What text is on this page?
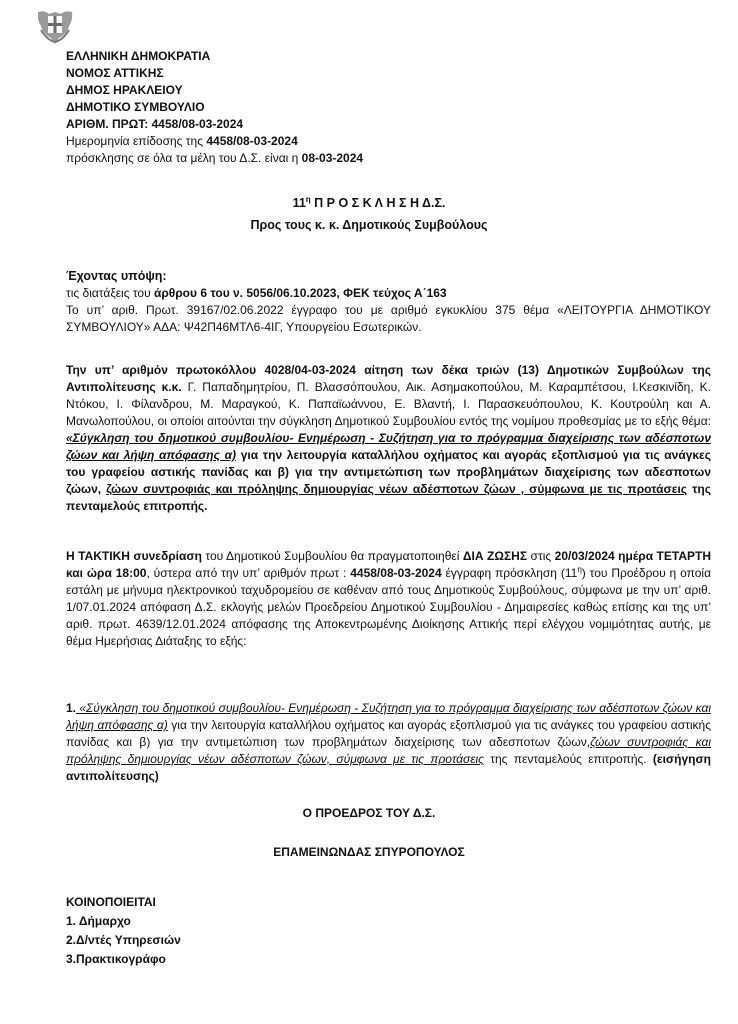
ΕΛΛΗΝΙΚΗ ΔΗΜΟΚΡΑΤΙΑ
ΝΟΜΟΣ ΑΤΤΙΚΗΣ
ΔΗΜΟΣ ΗΡΑΚΛΕΙΟΥ
ΔΗΜΟΤΙΚΟ ΣΥΜΒΟΥΛΙΟ
ΑΡΙΘΜ. ΠΡΩΤ: 4458/08-03-2024
Ημερομηνία επίδοσης της 4458/08-03-2024
πρόσκλησης σε όλα τα μέλη του Δ.Σ. είναι η 08-03-2024
$11^\eta$ Π Ρ Ο Σ Κ Λ Η Σ Η Δ.Σ.
Προς τους κ. κ. Δημοτικούς Συμβούλους
Έχοντας υπόψη:
τις διατάξεις του άρθρου 6 του ν. 5056/06.10.2023, ΦΕΚ τεύχος Α΄163
Το υπ’ αριθ. Πρωτ. 39167/02.06.2022 έγγραφο του με αριθμό εγκυκλίου 375 θέμα «ΛΕΙΤΟΥΡΓΙΑ ΔΗΜΟΤΙΚΟΥ ΣΥΜΒΟΥΛΙΟΥ» ΑΔΑ: Ψ42Π46ΜΤΛ6-4ΙΓ, Υπουργείου Εσωτερικών.
Την υπ’ αριθμόν πρωτοκόλλου 4028/04-03-2024 αίτηση των δέκα τριών (13) Δημοτικών Συμβούλων της Αντιπολίτευσης κ.κ. Γ. Παπαδημητρίου, Π. Βλασσόπουλου, Αικ. Ασημακοπούλου, Μ. Καραμπέτσου, Ι.Κεσκινίδη, Κ. Ντόκου, Ι. Φίλανδρου, Μ. Μαραγκού, Κ. Παπαϊωάννου, Ε. Βλαντή, Ι. Παρασκευόπουλου, Κ. Κουτρούλη και Α. Μανωλοπούλου, οι οποίοι αιτούνται την σύγκληση Δημοτικού Συμβουλίου εντός της νομίμου προθεσμίας με το εξής θέμα: «Σύγκληση του δημοτικού συμβουλίου- Ενημέρωση - Συζήτηση για το πρόγραμμα διαχείρισης των αδέσποτων ζώων και λήψη απόφασης α) για την λειτουργία καταλλήλου οχήματος και αγοράς εξοπλισμού για τις ανάγκες του γραφείου αστικής πανίδας και β) για την αντιμετώπιση των προβλημάτων διαχείρισης των αδεσποτων ζώων, ζώων συντροφιάς και πρόληψης δημιουργίας νέων αδέσποτων ζώων , σύμφωνα με τις προτάσεις της πενταμελούς επιτροπής.
Η ΤΑΚΤΙΚΗ συνεδρίαση του Δημοτικού Συμβουλίου θα πραγματοποιηθεί ΔΙΑ ΖΩΣΗΣ στις 20/03/2024 ημέρα ΤΕΤΑΡΤΗ και ώρα 18:00, ύστερα από την υπ’ αριθμόν πρωτ : 4458/08-03-2024 έγγραφη πρόσκληση $(11^\eta)$ του Προέδρου η οποία εστάλη με μήνυμα ηλεκτρονικού ταχυδρομείου σε καθέναν από τους Δημοτικούς Συμβούλους, σύμφωνα με την υπ’ αριθ. 1/07.01.2024 απόφαση Δ.Σ. εκλογής μελών Προεδρείου Δημοτικού Συμβουλίου - Δημαιρεσίες καθώς επίσης και της υπ’ αριθ. πρωτ. 4639/12.01.2024 απόφασης της Αποκεντρωμένης Διοίκησης Αττικής περί ελέγχου νομιμότητας αυτής, με θέμα Ημερήσιας Διάταξης το εξής:
1. «Σύγκληση του δημοτικού συμβουλίου- Ενημέρωση - Συζήτηση για το πρόγραμμα διαχείρισης των αδέσποτων ζώων και λήψη απόφασης α) για την λειτουργία καταλλήλου οχήματος και αγοράς εξοπλισμού για τις ανάγκες του γραφείου αστικής πανίδας και β) για την αντιμετώπιση των προβλημάτων διαχείρισης των αδεσποτων ζώων,ζώων συντροφιάς και πρόληψης δημιουργίας νέων αδέσποτων ζώων, σύμφωνα με τις προτάσεις της πενταμελούς επιτροπής. (εισήγηση αντιπολίτευσης)
Ο ΠΡΟΕΔΡΟΣ ΤΟΥ Δ.Σ.
ΕΠΑΜΕΙΝΩΝΔΑΣ ΣΠΥΡΟΠΟΥΛΟΣ
ΚΟΙΝΟΠΟΙΕΙΤΑΙ
1. Δήμαρχο
2.Δ/ντές Υπηρεσιών
3.Πρακτικογράφο
